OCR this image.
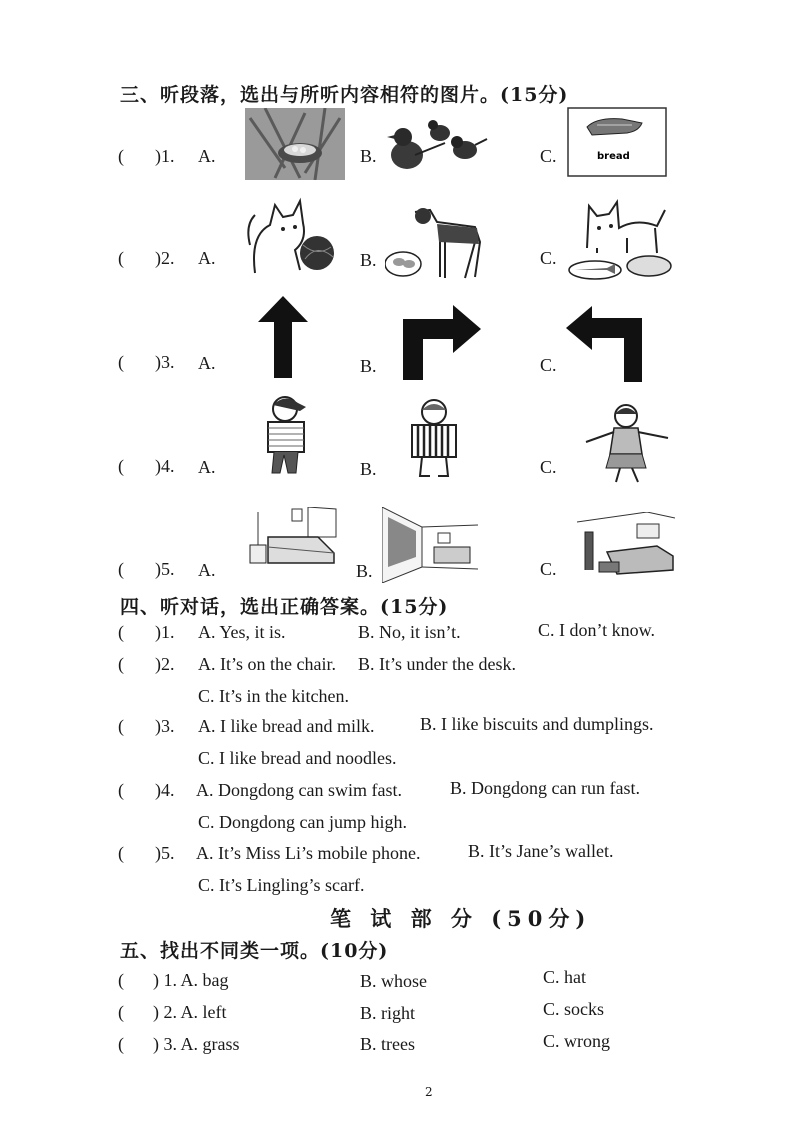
三、听段落，选出与所听内容相符的图片。(15分)
( )1. A.	B.	C.	bread
( )2. A.	B.	C.
( )3. A.	B.	C.
( )4. A.	B.	C.
( )5. A.	B.	C.
四、听对话，选出正确答案。(15分)
( )1. A. Yes, it is.	B. No, it isn’t.	C. I don’t know.
( )2. A. It’s on the chair. B. It’s under the desk.
C. It’s in the kitchen.
( )3. A. I like bread and milk.	B. I like biscuits and dumplings.
C. I like bread and noodles.
( )4. A. Dongdong can swim fast.	B. Dongdong can run fast.
C. Dongdong can jump high.
( )5. A. It’s Miss Li’s mobile phone.	B. It’s Jane’s wallet.
C. It’s Lingling’s scarf.
笔 试 部 分 (50分)
五、找出不同类一项。(10分)
( ) 1. A. bag	B. whose	C. hat
( ) 2. A. left	B. right	C. socks
( ) 3. A. grass	B. trees	C. wrong
2
